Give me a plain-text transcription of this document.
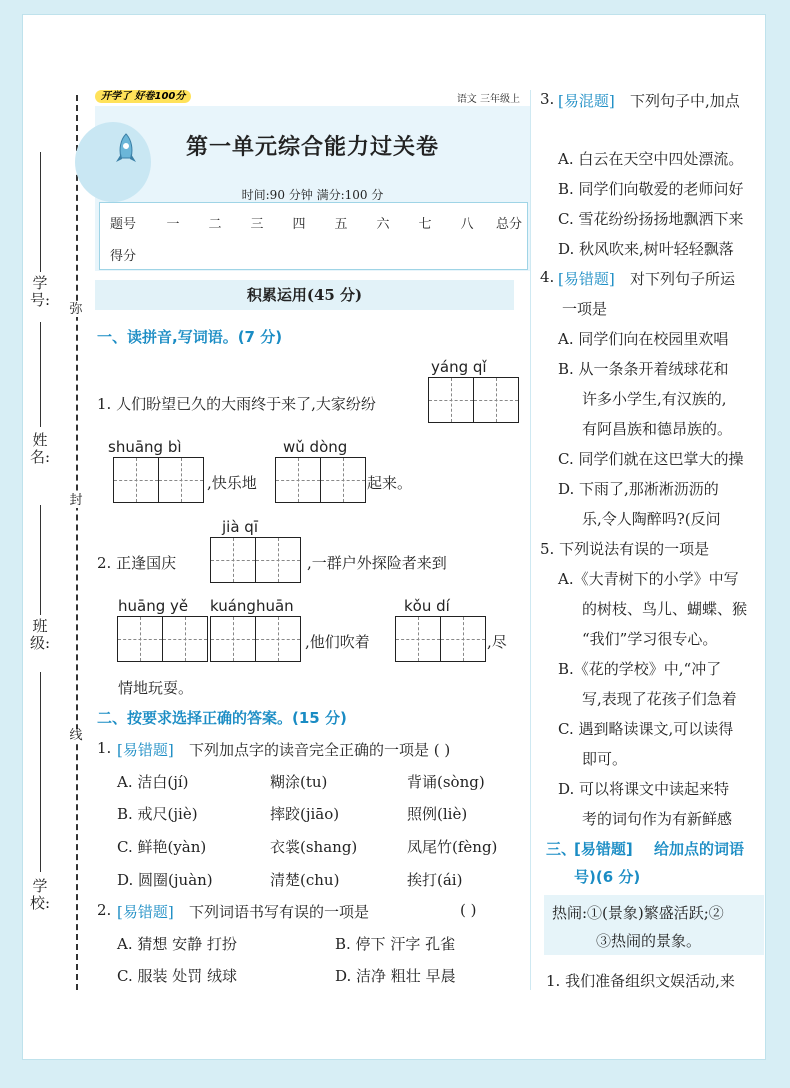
弥
封
线
学号:
姓名:
班级:
学校:
开学了 好卷100分	语文 三年级上
第一单元综合能力过关卷
时间:90 分钟 满分:100 分
题号
得分
一	二	三	四	五	六	七	八	总分
积累运用(45 分)
一、读拼音,写词语。(7 分)
yáng qǐ
1. 人们盼望已久的大雨终于来了,大家纷纷
shuāng bì	wǔ dòng
,快乐地	起来。
jià qī
2. 正逢国庆	,一群户外探险者来到
huāng yě kuánghuān	kǒu dí
,他们吹着	,尽
情地玩耍。
二、按要求选择正确的答案。(15 分)
1. [易错题] 下列加点字的读音完全正确的一项是 ( )
A. 洁白(jí)	糊涂(tu)	背诵(sòng)
B. 戒尺(jiè)	摔跤(jiāo)	照例(liè)
C. 鲜艳(yàn)	衣裳(shang)	凤尾竹(fèng)
D. 圆圈(juàn)	清楚(chu)	挨打(ái)
2. [易错题] 下列词语书写有误的一项是	( )
A. 猜想 安静 打扮	B. 停下 汗字 孔雀
C. 服装 处罚 绒球	D. 洁净 粗壮 早晨
3. [易混题] 下列句子中,加点
A. 白云在天空中四处漂流。
B. 同学们向敬爱的老师问好
C. 雪花纷纷扬扬地飘洒下来
D. 秋风吹来,树叶轻轻飘落
4. [易错题] 对下列句子所运
一项是
A. 同学们向在校园里欢唱
B. 从一条条开着绒球花和
许多小学生,有汉族的,
有阿昌族和德昂族的。
C. 同学们就在这巴掌大的操
D. 下雨了,那淅淅沥沥的
乐,令人陶醉吗?(反问
5. 下列说法有误的一项是
A.《大青树下的小学》中写
的树枝、鸟儿、蝴蝶、猴
“我们”学习很专心。
B.《花的学校》中,“冲了
写,表现了花孩子们急着
C. 遇到略读课文,可以读得
即可。
D. 可以将课文中读起来特
考的词句作为有新鲜感
三、
[易错题] 给加点的词语
号)(6 分)
热闹:①(景象)繁盛活跃;②
③热闹的景象。
1. 我们准备组织文娱活动,来
